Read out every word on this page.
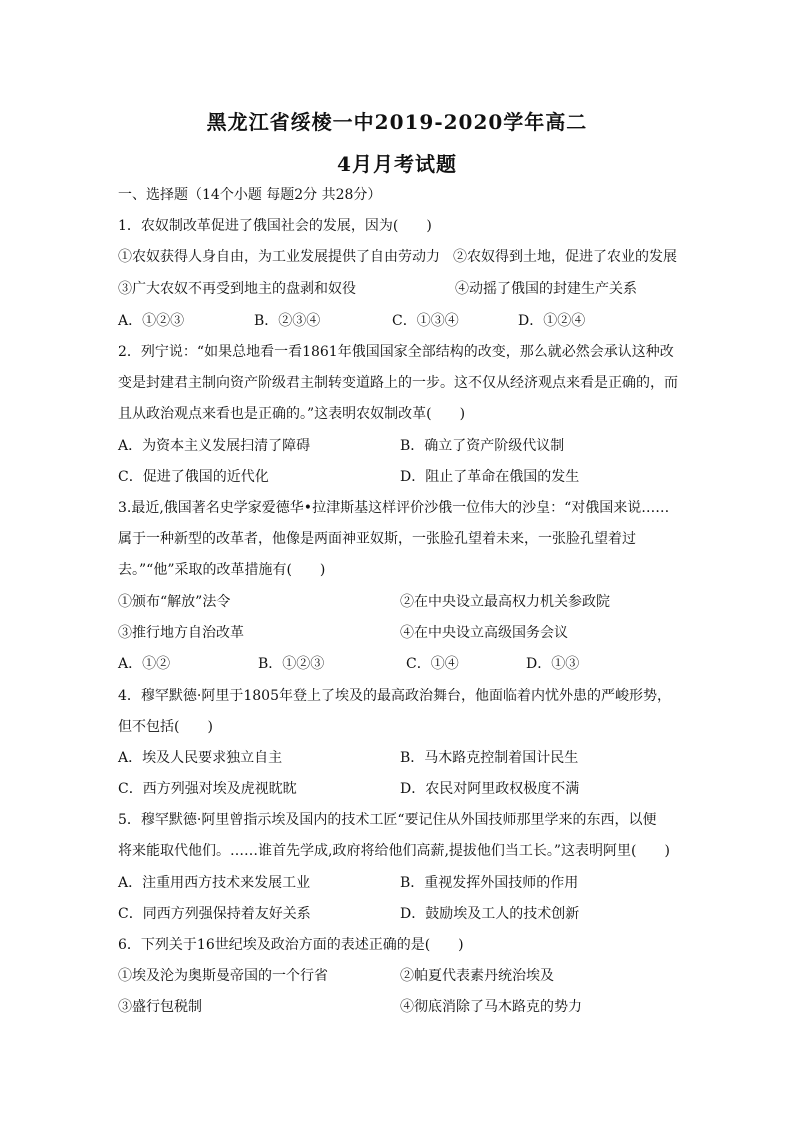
黑龙江省绥棱一中2019-2020学年高二
4月月考试题
一、选择题（14个小题 每题2分 共28分）
1．农奴制改革促进了俄国社会的发展，因为(　　)
①农奴获得人身自由，为工业发展提供了自由劳动力 ②农奴得到土地，促进了农业的发展
③广大农奴不再受到地主的盘剥和奴役	④动摇了俄国的封建生产关系
A．①②③	B．②③④	C．①③④	D．①②④
2．列宁说：“如果总地看一看1861年俄国国家全部结构的改变，那么就必然会承认这种改
变是封建君主制向资产阶级君主制转变道路上的一步。这不仅从经济观点来看是正确的，而
且从政治观点来看也是正确的。”这表明农奴制改革(　　)
A．为资本主义发展扫清了障碍	B．确立了资产阶级代议制
C．促进了俄国的近代化	D．阻止了革命在俄国的发生
3.最近,俄国著名史学家爱德华•拉津斯基这样评价沙俄一位伟大的沙皇：“对俄国来说……
属于一种新型的改革者，他像是两面神亚奴斯，一张脸孔望着未来，一张脸孔望着过
去。”“他”采取的改革措施有(　　)
①颁布“解放”法令	②在中央设立最高权力机关参政院
③推行地方自治改革	④在中央设立高级国务会议
A．①②	B．①②③	C．①④	D．①③
4．穆罕默德·阿里于1805年登上了埃及的最高政治舞台，他面临着内忧外患的严峻形势，
但不包括(　　)
A．埃及人民要求独立自主	B．马木路克控制着国计民生
C．西方列强对埃及虎视眈眈	D．农民对阿里政权极度不满
5．穆罕默德·阿里曾指示埃及国内的技术工匠“要记住从外国技师那里学来的东西，以便
将来能取代他们。……谁首先学成,政府将给他们高薪,提拔他们当工长。”这表明阿里(　　)
A．注重用西方技术来发展工业	B．重视发挥外国技师的作用
C．同西方列强保持着友好关系	D．鼓励埃及工人的技术创新
6．下列关于16世纪埃及政治方面的表述正确的是(　　)
①埃及沦为奥斯曼帝国的一个行省	②帕夏代表素丹统治埃及
③盛行包税制	④彻底消除了马木路克的势力
